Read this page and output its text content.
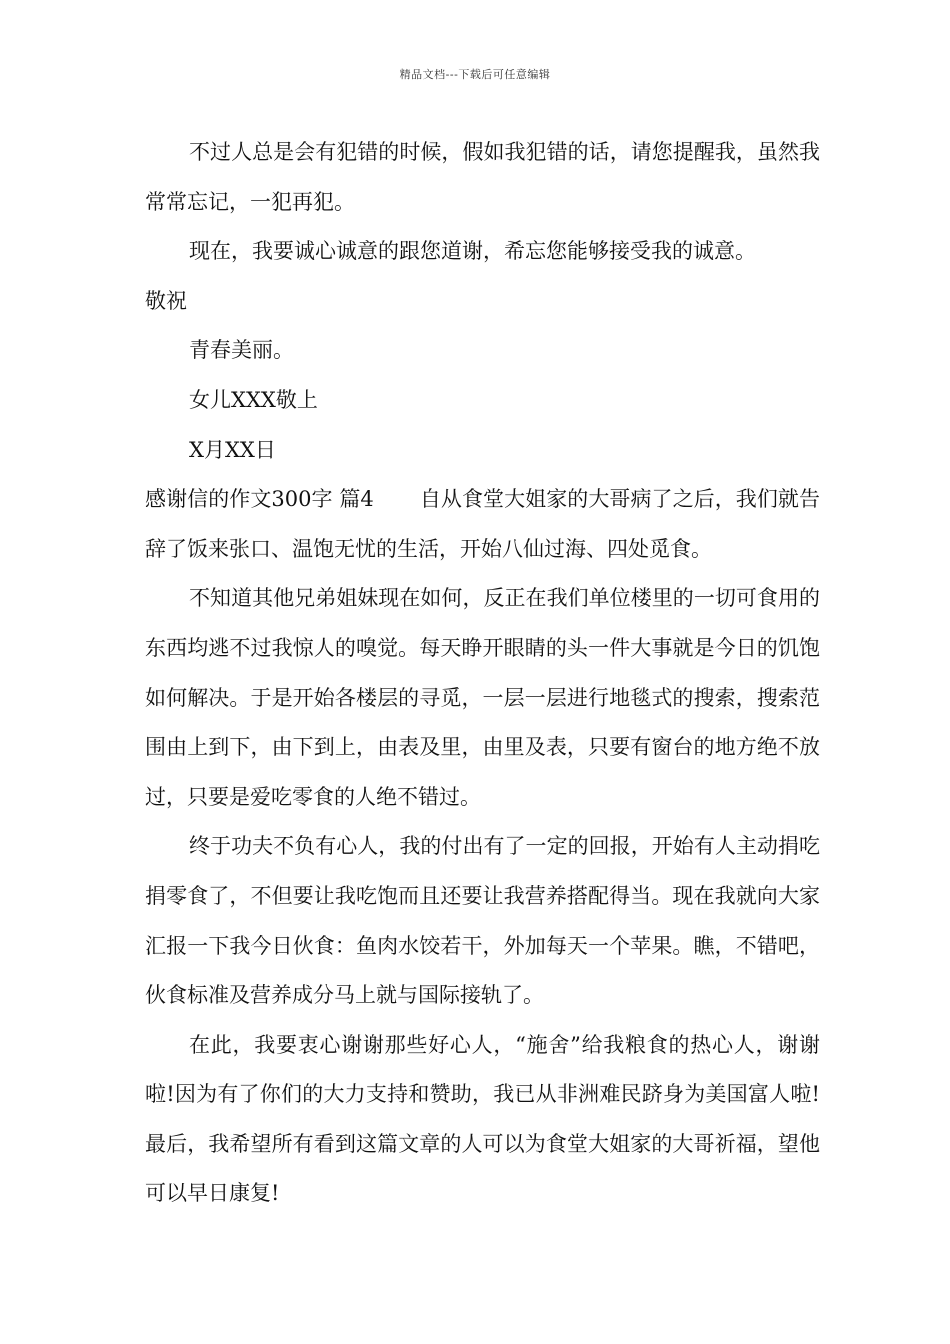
精品文档---下载后可任意编辑

不过人总是会有犯错的时候，假如我犯错的话，请您提醒我，虽然我常常忘记，一犯再犯。

现在，我要诚心诚意的跟您道谢，希忘您能够接受我的诚意。

敬祝

青春美丽。

女儿XXX敬上

X月XX日

感谢信的作文300字 篇4 自从食堂大姐家的大哥病了之后，我们就告辞了饭来张口、温饱无忧的生活，开始八仙过海、四处觅食。

不知道其他兄弟姐妹现在如何，反正在我们单位楼里的一切可食用的东西均逃不过我惊人的嗅觉。每天睁开眼睛的头一件大事就是今日的饥饱如何解决。于是开始各楼层的寻觅，一层一层进行地毯式的搜索，搜索范围由上到下，由下到上，由表及里，由里及表，只要有窗台的地方绝不放过，只要是爱吃零食的人绝不错过。

终于功夫不负有心人，我的付出有了一定的回报，开始有人主动捐吃捐零食了，不但要让我吃饱而且还要让我营养搭配得当。现在我就向大家汇报一下我今日伙食：鱼肉水饺若干，外加每天一个苹果。瞧，不错吧，伙食标准及营养成分马上就与国际接轨了。

在此，我要衷心谢谢那些好心人，“施舍”给我粮食的热心人，谢谢啦!因为有了你们的大力支持和赞助，我已从非洲难民跻身为美国富人啦!最后，我希望所有看到这篇文章的人可以为食堂大姐家的大哥祈福，望他可以早日康复!
